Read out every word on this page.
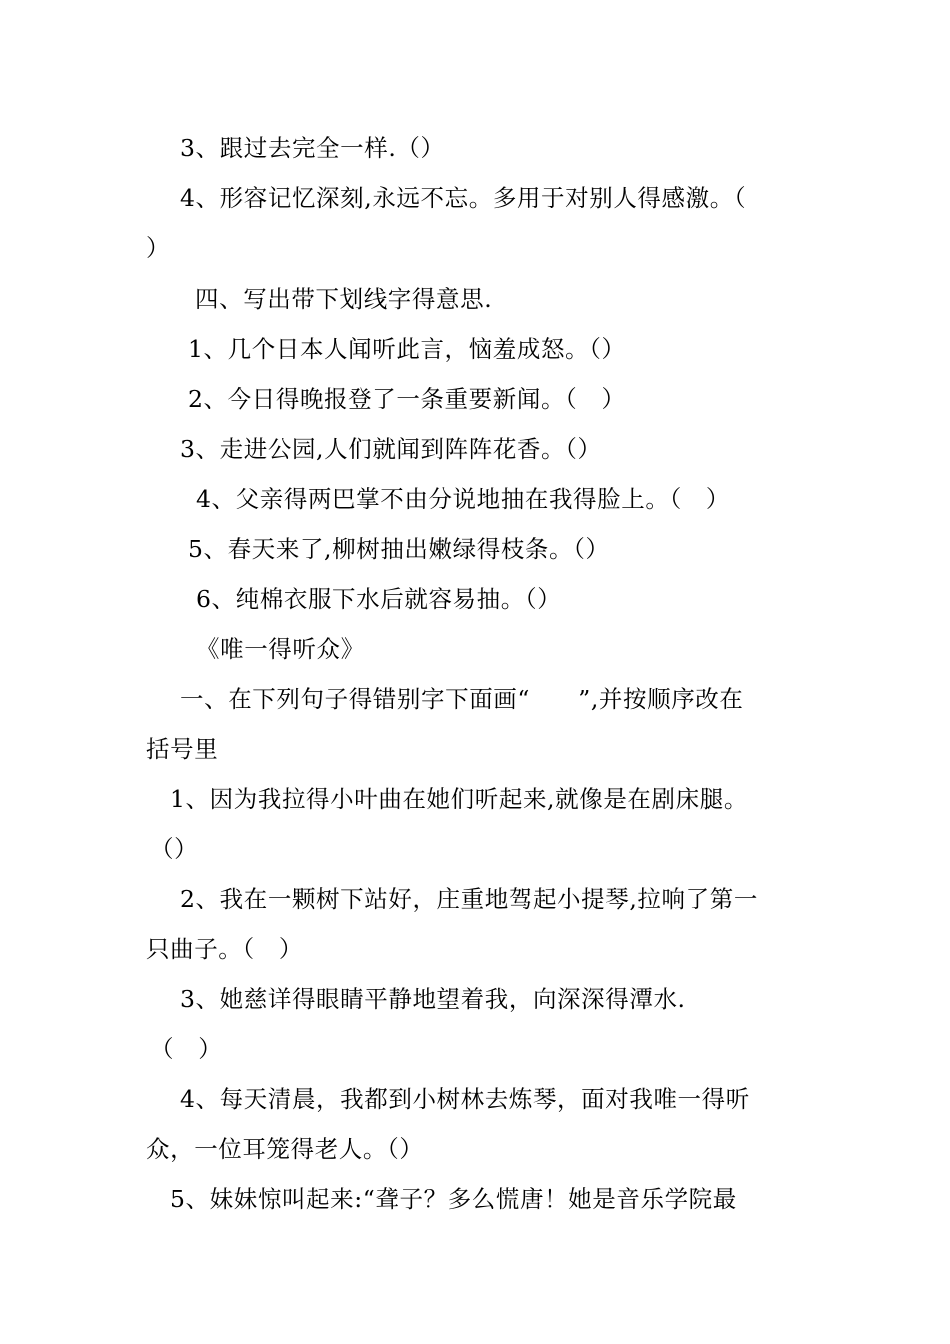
3、跟过去完全一样.（）
4、形容记忆深刻,永远不忘。多用于对别人得感激。（
）
四、写出带下划线字得意思.
1、几个日本人闻听此言，恼羞成怒。（）
2、今日得晚报登了一条重要新闻。（　）
3、走进公园,人们就闻到阵阵花香。（）
4、父亲得两巴掌不由分说地抽在我得脸上。（　）
5、春天来了,柳树抽出嫩绿得枝条。（）
6、纯棉衣服下水后就容易抽。（）
《唯一得听众》
一、在下列句子得错别字下面画“　　”,并按顺序改在
括号里
1、因为我拉得小叶曲在她们听起来,就像是在剧床腿。
（）
2、我在一颗树下站好，庄重地驾起小提琴,拉响了第一
只曲子。（　）
3、她慈详得眼睛平静地望着我，向深深得潭水.
（　）
4、每天清晨，我都到小树林去炼琴，面对我唯一得听
众，一位耳笼得老人。（）
5、妹妹惊叫起来:“聋子？多么慌唐！她是音乐学院最
